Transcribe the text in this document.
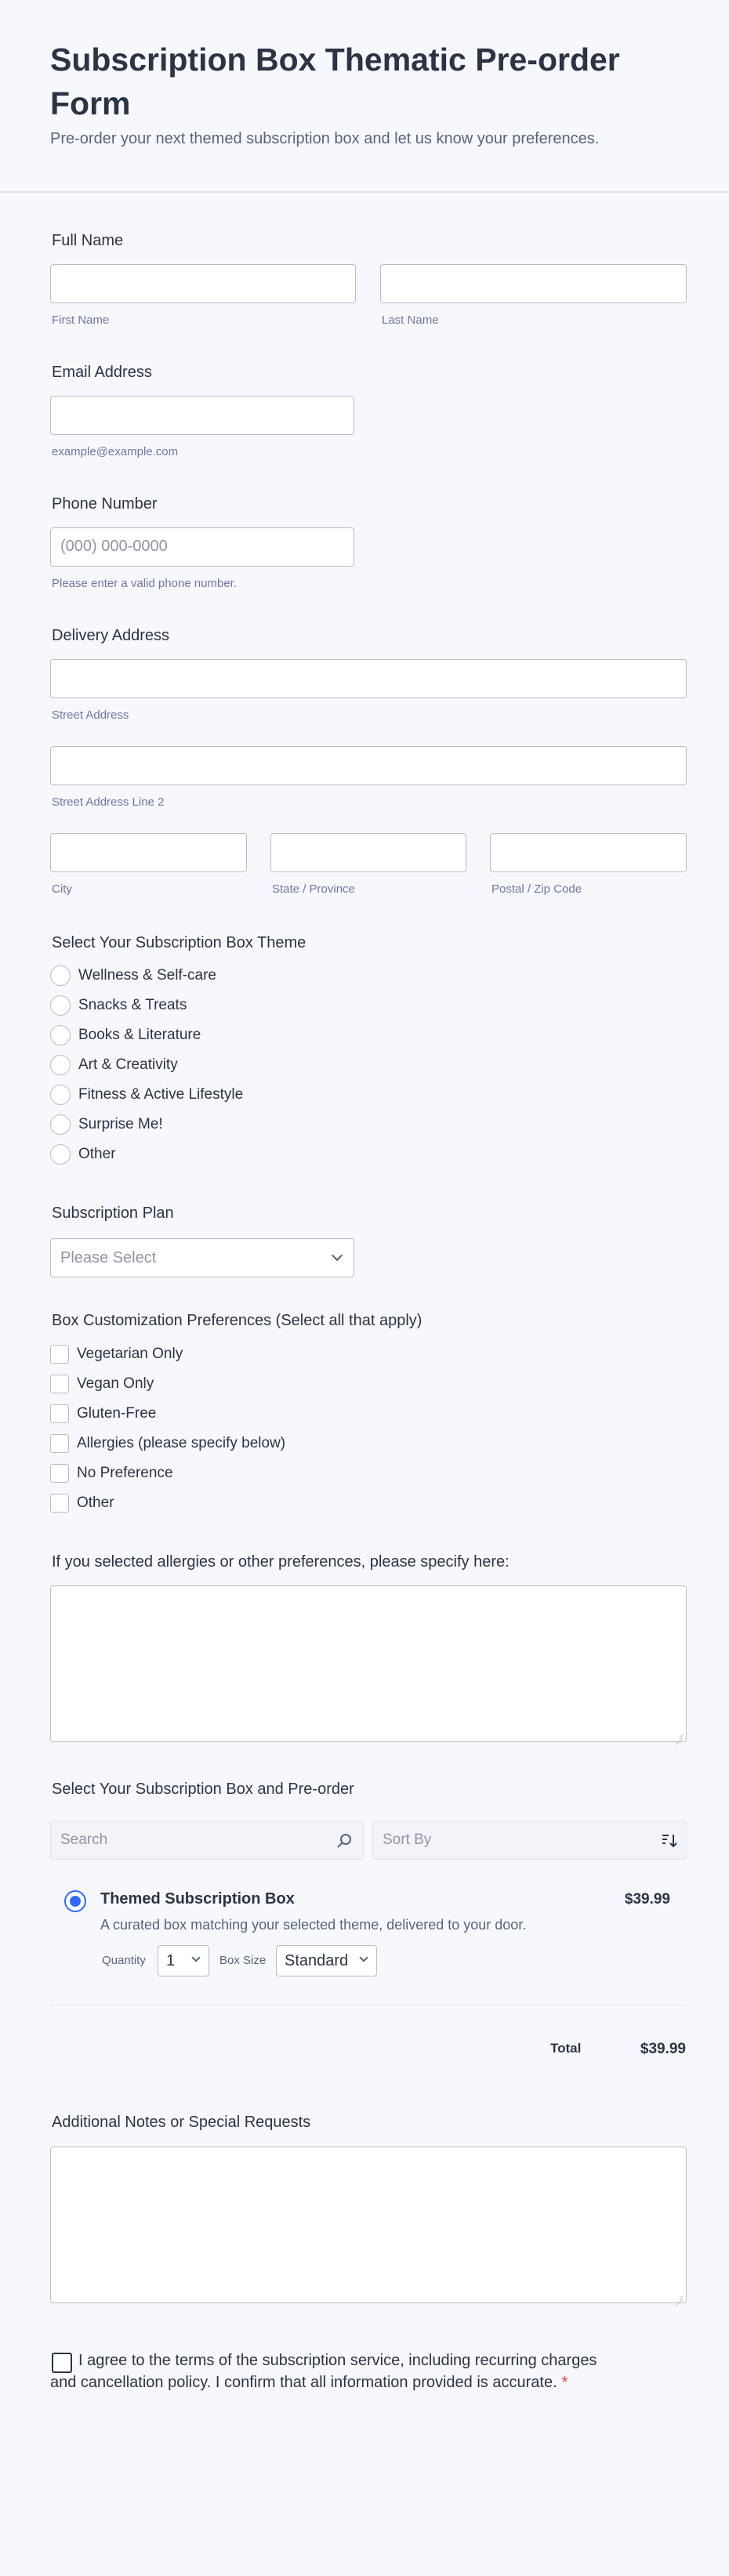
Subscription Box Thematic Pre-order Form
Pre-order your next themed subscription box and let us know your preferences.
Full Name
First Name	Last Name
Email Address
example@example.com
Phone Number
(000) 000-0000
Please enter a valid phone number.
Delivery Address
Street Address
Street Address Line 2
City	State / Province	Postal / Zip Code
Select Your Subscription Box Theme
Wellness & Self-care
Snacks & Treats
Books & Literature
Art & Creativity
Fitness & Active Lifestyle
Surprise Me!
Other
Subscription Plan
Please Select
Box Customization Preferences (Select all that apply)
Vegetarian Only
Vegan Only
Gluten-Free
Allergies (please specify below)
No Preference
Other
If you selected allergies or other preferences, please specify here:
Select Your Subscription Box and Pre-order
Search	Sort By
Themed Subscription Box	$39.99
A curated box matching your selected theme, delivered to your door.
Quantity 1	Box Size Standard
Total	$39.99
Additional Notes or Special Requests
I agree to the terms of the subscription service, including recurring charges and cancellation policy. I confirm that all information provided is accurate. *
